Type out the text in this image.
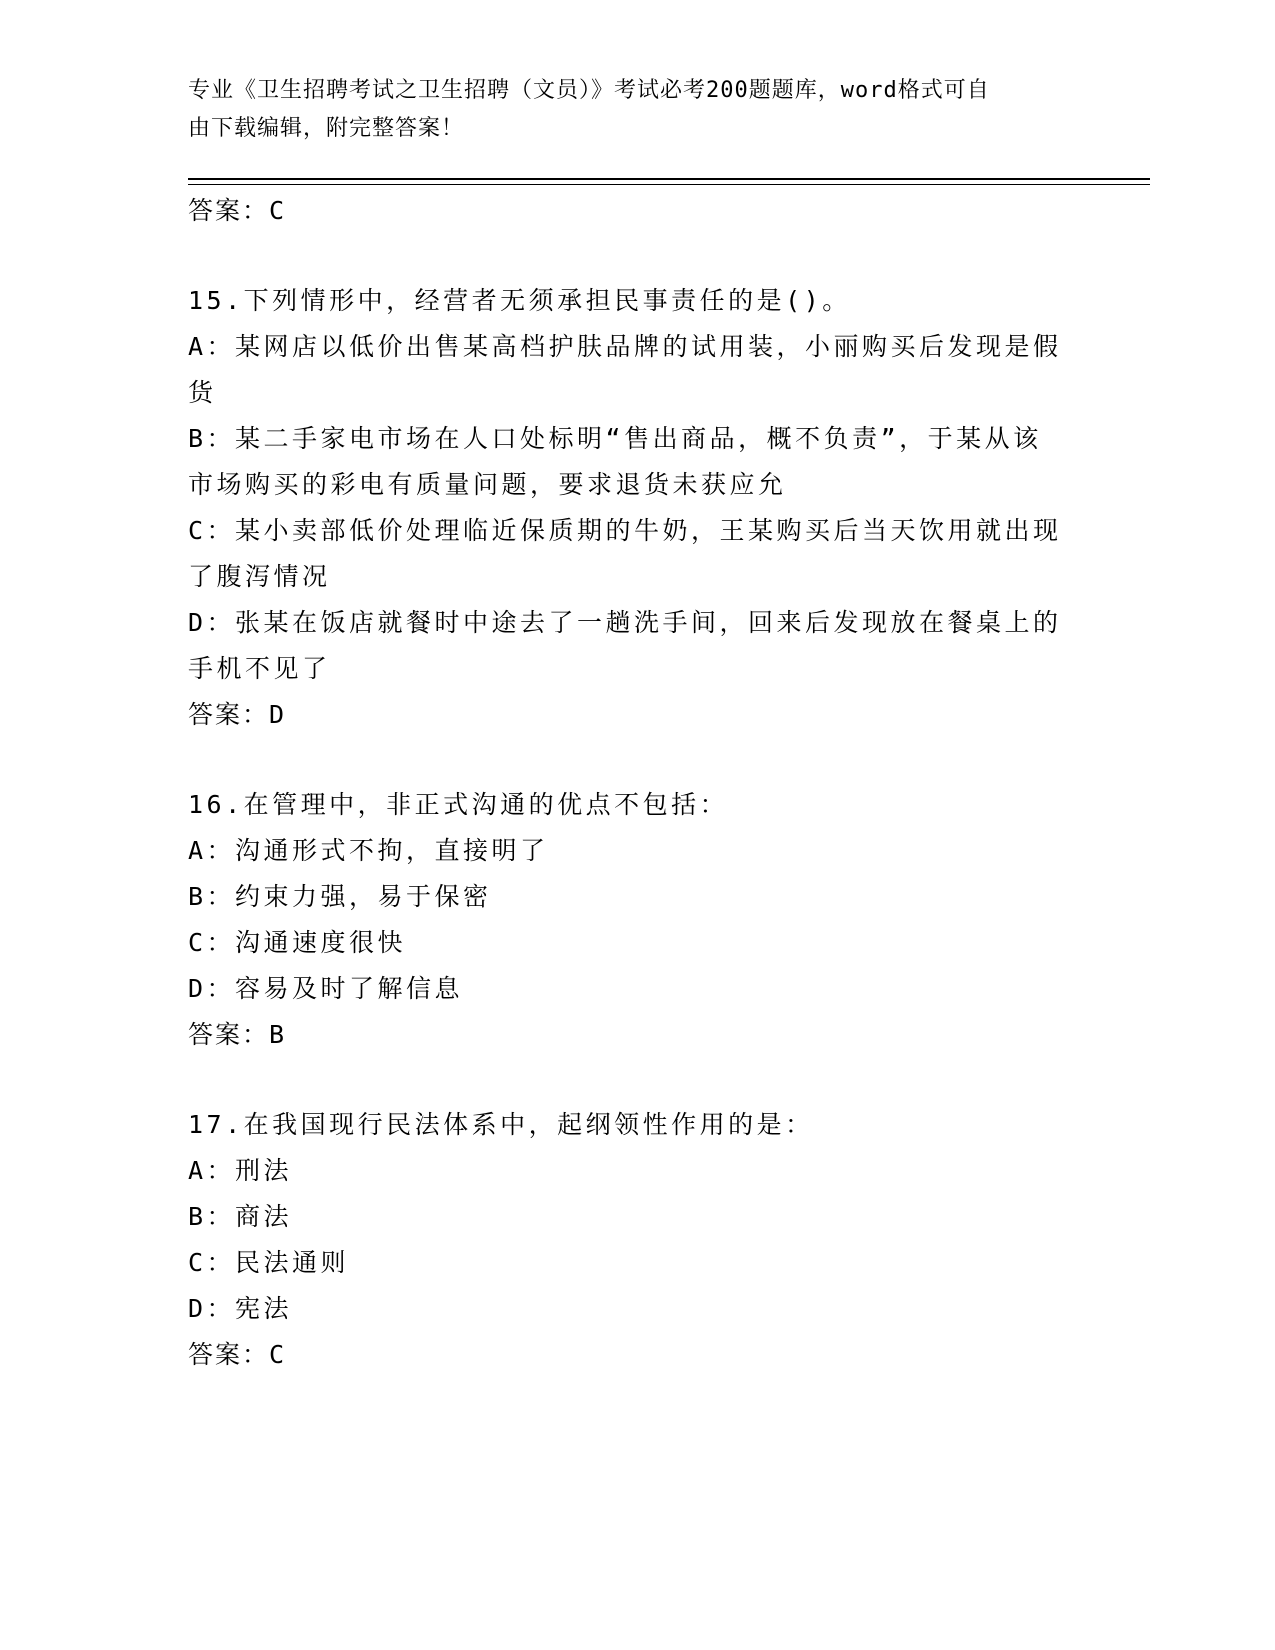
专业《卫生招聘考试之卫生招聘（文员）》考试必考200题题库，word格式可自
由下载编辑，附完整答案！
答案：C
15.下列情形中，经营者无须承担民事责任的是()。
A：某网店以低价出售某高档护肤品牌的试用装，小丽购买后发现是假
货
B：某二手家电市场在人口处标明“售出商品，概不负责”，于某从该
市场购买的彩电有质量问题，要求退货未获应允
C：某小卖部低价处理临近保质期的牛奶，王某购买后当天饮用就出现
了腹泻情况
D：张某在饭店就餐时中途去了一趟洗手间，回来后发现放在餐桌上的
手机不见了
答案：D
16.在管理中，非正式沟通的优点不包括：
A：沟通形式不拘，直接明了
B：约束力强，易于保密
C：沟通速度很快
D：容易及时了解信息
答案：B
17.在我国现行民法体系中，起纲领性作用的是：
A：刑法
B：商法
C：民法通则
D：宪法
答案：C
